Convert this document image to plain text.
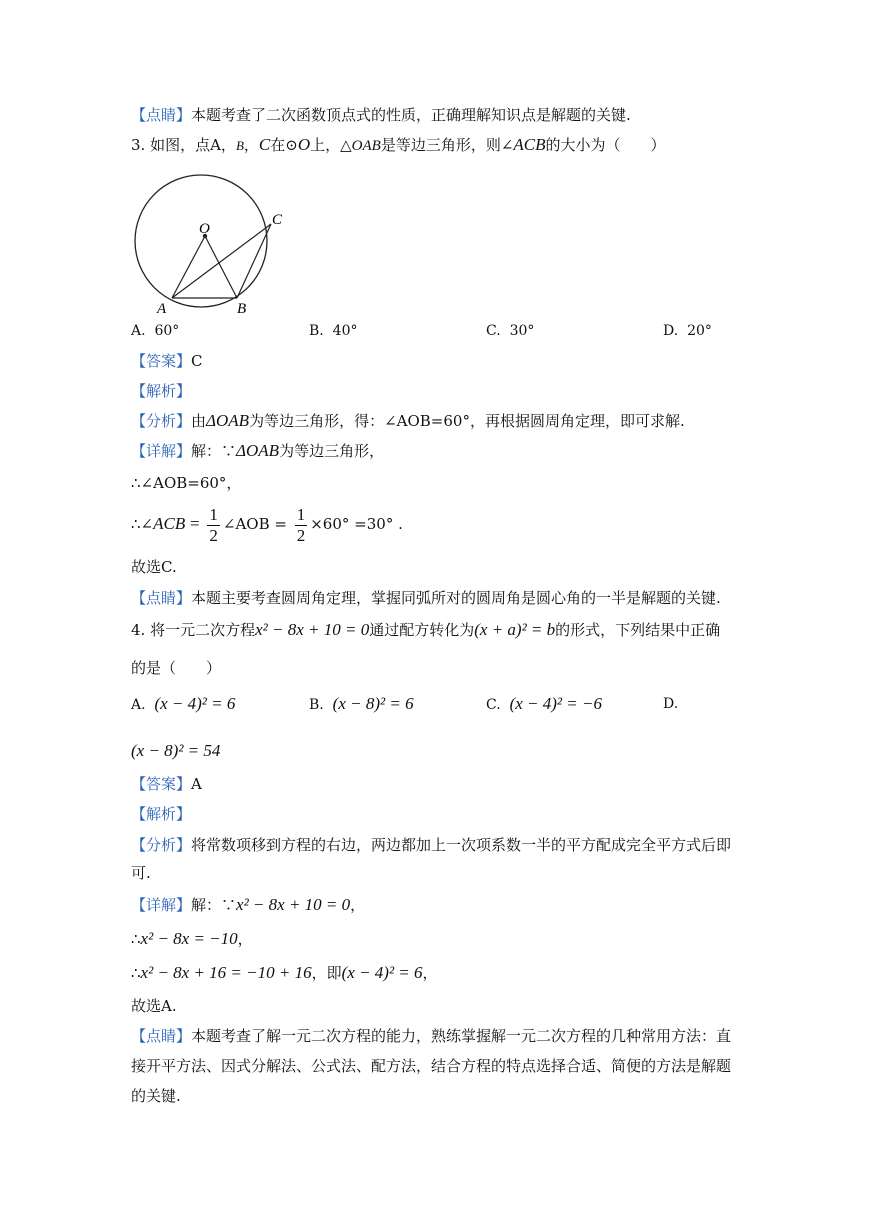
【点睛】本题考查了二次函数顶点式的性质，正确理解知识点是解题的关键.
3. 如图，点A，B，C在⊙O上，△OAB是等边三角形，则∠ACB的大小为（　　）
O
A	B
C
A. 60°	B. 40°	C. 30°	D. 20°
【答案】C
【解析】
【分析】由ΔOAB为等边三角形，得：∠AOB=60°，再根据圆周角定理，即可求解.
【详解】解：∵ΔOAB为等边三角形，
∴∠AOB=60°，
∴∠ACB = $\frac{1}{2}$ ∠AOB = $\frac{1}{2} \times 60^\circ =30^\circ$ .
故选C.
【点睛】本题主要考查圆周角定理，掌握同弧所对的圆周角是圆心角的一半是解题的关键.
4. 将一元二次方程x² − 8x + 10 = 0通过配方转化为(x + a)² = b的形式，下列结果中正确
的是（　　）
A. (x − 4)² = 6	B. (x − 8)² = 6	C. (x − 4)² = −6	D.
(x − 8)² = 54
【答案】A
【解析】
【分析】将常数项移到方程的右边，两边都加上一次项系数一半的平方配成完全平方式后即
可.
【详解】解：∵x² − 8x + 10 = 0，
∴x² − 8x = −10，
∴x² − 8x + 16 = −10 + 16，即(x − 4)² = 6，
故选A.
【点睛】本题考查了解一元二次方程的能力，熟练掌握解一元二次方程的几种常用方法：直
接开平方法、因式分解法、公式法、配方法，结合方程的特点选择合适、简便的方法是解题
的关键.
